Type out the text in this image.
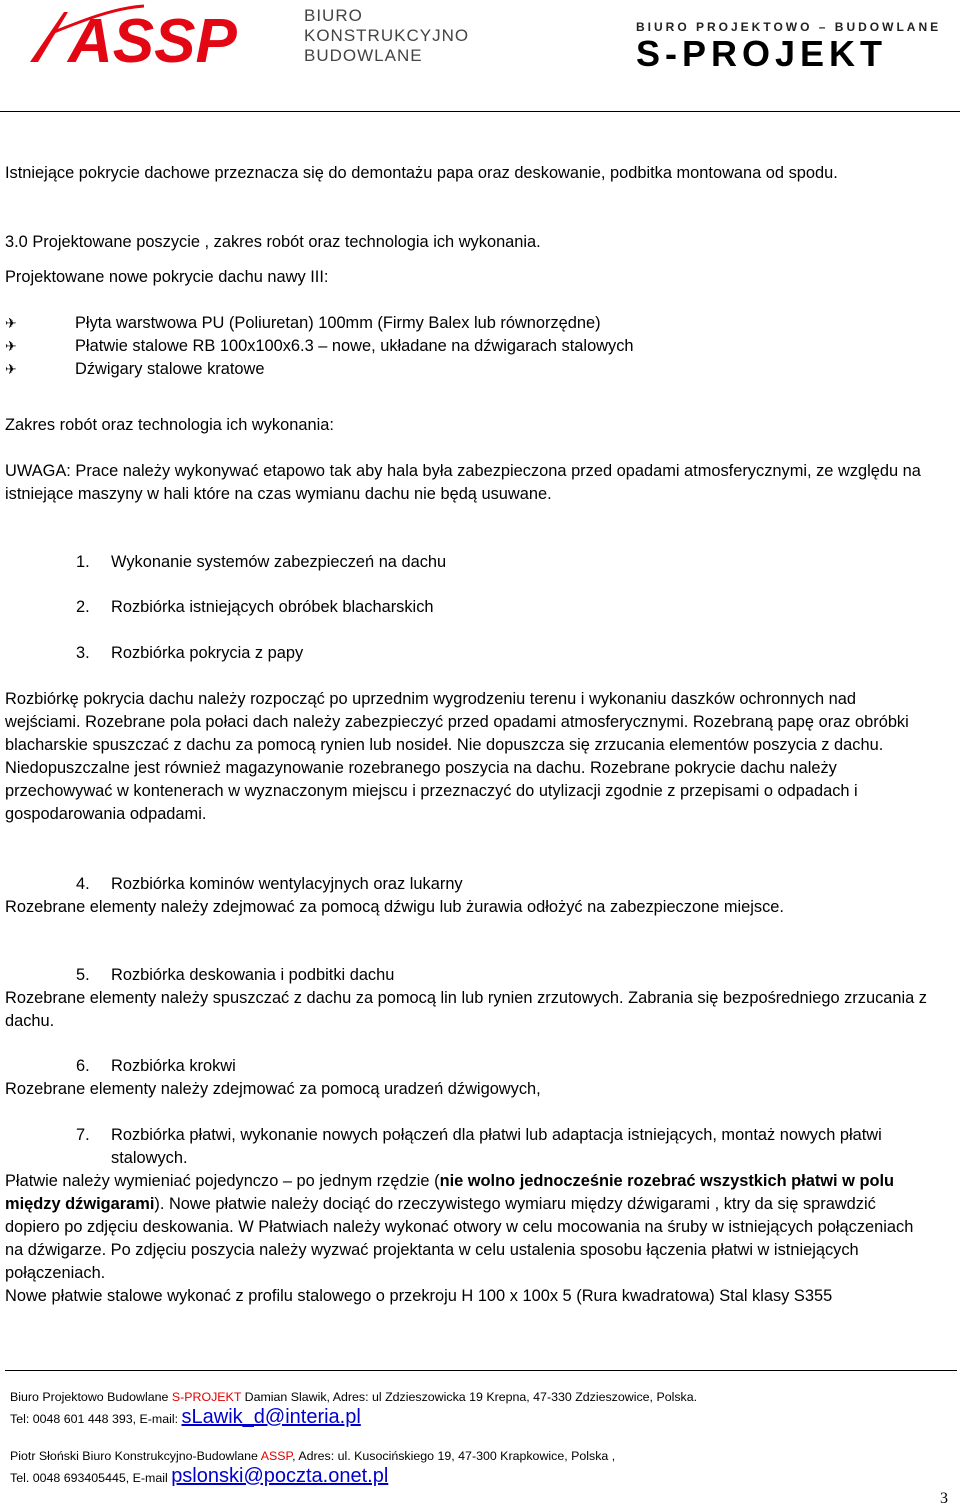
ASSP	BIURO
KONSTRUKCYJNO
BUDOWLANE
BIURO PROJEKTOWO – BUDOWLANE
S-PROJEKT
Istniejące pokrycie dachowe przeznacza się do demontażu papa oraz deskowanie, podbitka montowana od spodu.
3.0 Projektowane poszycie , zakres robót oraz technologia ich wykonania.
Projektowane nowe pokrycie dachu nawy III:
✈	Płyta warstwowa PU (Poliuretan) 100mm (Firmy Balex lub równorzędne)
✈	Płatwie stalowe RB 100x100x6.3 – nowe, układane na dźwigarach stalowych
✈	Dźwigary stalowe kratowe
Zakres robót oraz technologia ich wykonania:
UWAGA: Prace należy wykonywać etapowo tak aby hala była zabezpieczona przed opadami atmosferycznymi, ze względu na istniejące maszyny w hali które na czas wymianu dachu nie będą usuwane.
1. Wykonanie systemów zabezpieczeń na dachu
2. Rozbiórka istniejących obróbek blacharskich
3. Rozbiórka pokrycia z papy
Rozbiórkę pokrycia dachu należy rozpocząć po uprzednim wygrodzeniu terenu i wykonaniu daszków ochronnych nad wejściami. Rozebrane pola połaci dach należy zabezpieczyć przed opadami atmosferycznymi. Rozebraną papę oraz obróbki blacharskie spuszczać z dachu za pomocą rynien lub nosideł. Nie dopuszcza się zrzucania elementów poszycia z dachu. Niedopuszczalne jest również magazynowanie rozebranego poszycia na dachu. Rozebrane pokrycie dachu należy przechowywać w kontenerach w wyznaczonym miejscu i przeznaczyć do utylizacji zgodnie z przepisami o odpadach i gospodarowania odpadami.
4. Rozbiórka kominów wentylacyjnych oraz lukarny
Rozebrane elementy należy zdejmować za pomocą dźwigu lub żurawia odłożyć na zabezpieczone miejsce.
5. Rozbiórka deskowania i podbitki dachu
Rozebrane elementy należy spuszczać z dachu za pomocą lin lub rynien zrzutowych. Zabrania się bezpośredniego zrzucania z dachu.
6. Rozbiórka krokwi
Rozebrane elementy należy zdejmować za pomocą uradzeń dźwigowych,
7. Rozbiórka płatwi, wykonanie nowych połączeń dla płatwi lub adaptacja istniejących, montaż nowych płatwi stalowych.
Płatwie należy wymieniać pojedynczo – po jednym rzędzie (nie wolno jednocześnie rozebrać wszystkich płatwi w polu między dźwigarami). Nowe płatwie należy dociąć do rzeczywistego wymiaru między dźwigarami , ktry da się sprawdzić dopiero po zdjęciu deskowania. W Płatwiach należy wykonać otwory w celu mocowania na śruby w istniejących połączeniach na dźwigarze. Po zdjęciu poszycia należy wyzwać projektanta w celu ustalenia sposobu łączenia płatwi w istniejących połączeniach.
Nowe płatwie stalowe wykonać z profilu stalowego o przekroju H 100 x 100x 5 (Rura kwadratowa) Stal klasy S355
Biuro Projektowo Budowlane S-PROJEKT Damian Slawik, Adres: ul Zdzieszowicka 19 Krepna, 47-330 Zdzieszowice, Polska.
Tel: 0048 601 448 393, E-mail: sLawik_d@interia.pl
Piotr Słoński Biuro Konstrukcyjno-Budowlane ASSP, Adres: ul. Kusocińskiego 19, 47-300 Krapkowice, Polska ,
Tel. 0048 693405445, E-mail pslonski@poczta.onet.pl
3
